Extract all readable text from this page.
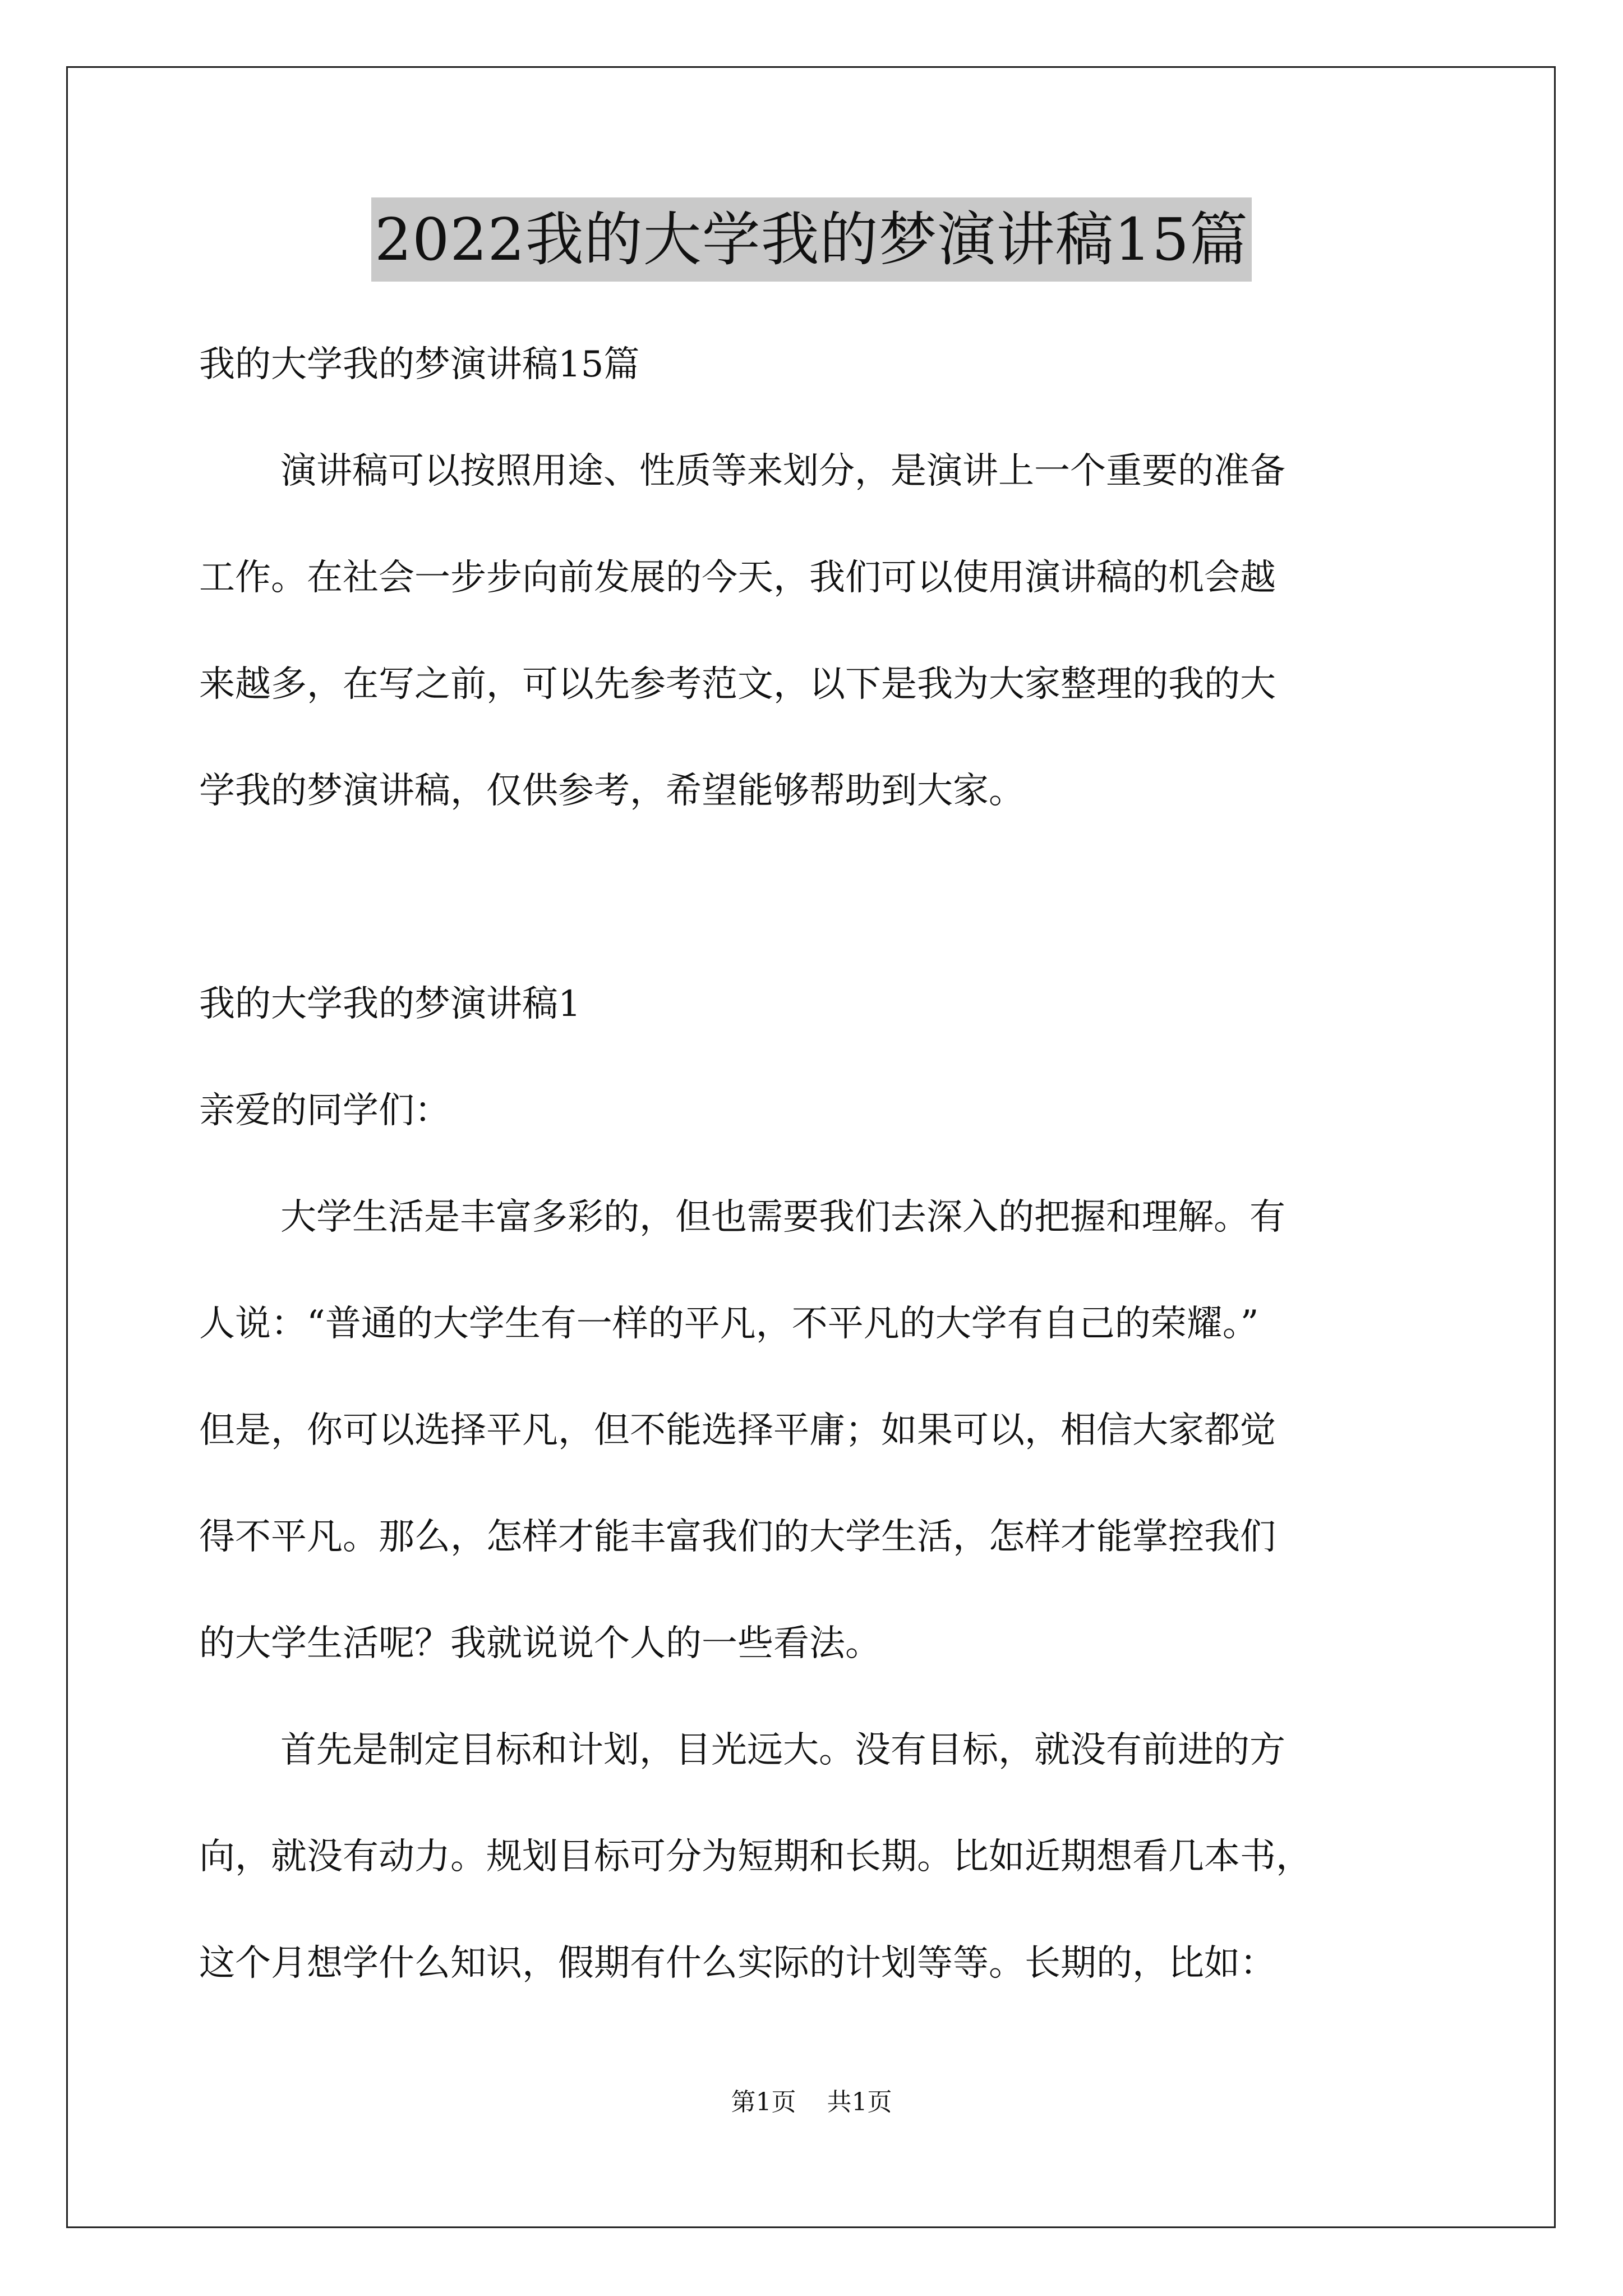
2022我的大学我的梦演讲稿15篇
我的大学我的梦演讲稿15篇
演讲稿可以按照用途、性质等来划分，是演讲上一个重要的准备
工作。在社会一步步向前发展的今天，我们可以使用演讲稿的机会越
来越多，在写之前，可以先参考范文，以下是我为大家整理的我的大
学我的梦演讲稿，仅供参考，希望能够帮助到大家。
我的大学我的梦演讲稿1
亲爱的同学们：
大学生活是丰富多彩的，但也需要我们去深入的把握和理解。有
人说：“普通的大学生有一样的平凡，不平凡的大学有自己的荣耀。”
但是，你可以选择平凡，但不能选择平庸；如果可以，相信大家都觉
得不平凡。那么，怎样才能丰富我们的大学生活，怎样才能掌控我们
的大学生活呢？我就说说个人的一些看法。
首先是制定目标和计划，目光远大。没有目标，就没有前进的方
向，就没有动力。规划目标可分为短期和长期。比如近期想看几本书，
这个月想学什么知识，假期有什么实际的计划等等。长期的，比如：
第1页 共1页
